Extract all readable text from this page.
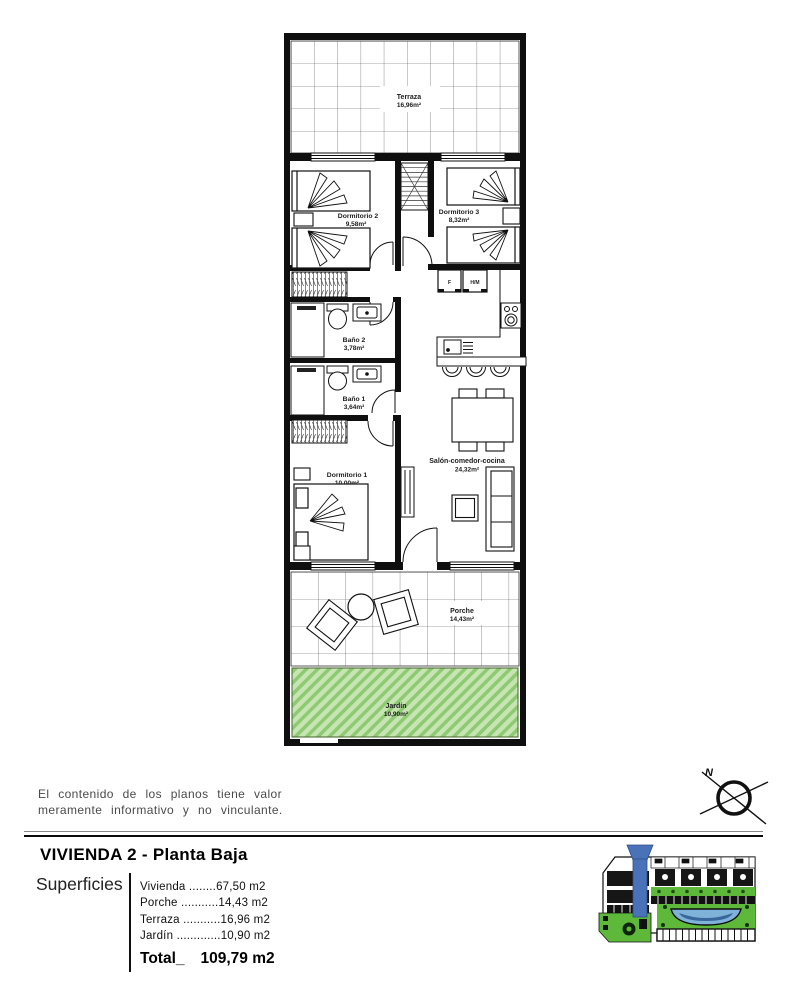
Terraza
16,96m²
Porche
14,43m²
Jardín
10,90m²
Dormitorio 2
9,58m²
Dormitorio 3
8,32m²
Baño 2
3,78m²
Baño 1
3,64m²
Dormitorio 1
F	H/M
Salón-comedor-cocina
24,32m²
El contenido de los planos tiene valor
meramente informativo y no vinculante.
N
VIVIENDA 2 - Planta Baja
Superficies Vivienda ........67,50 m2
Porche ...........14,43 m2
Terraza ...........16,96 m2
Jardín .............10,90 m2
Total_ 109,79 m2
